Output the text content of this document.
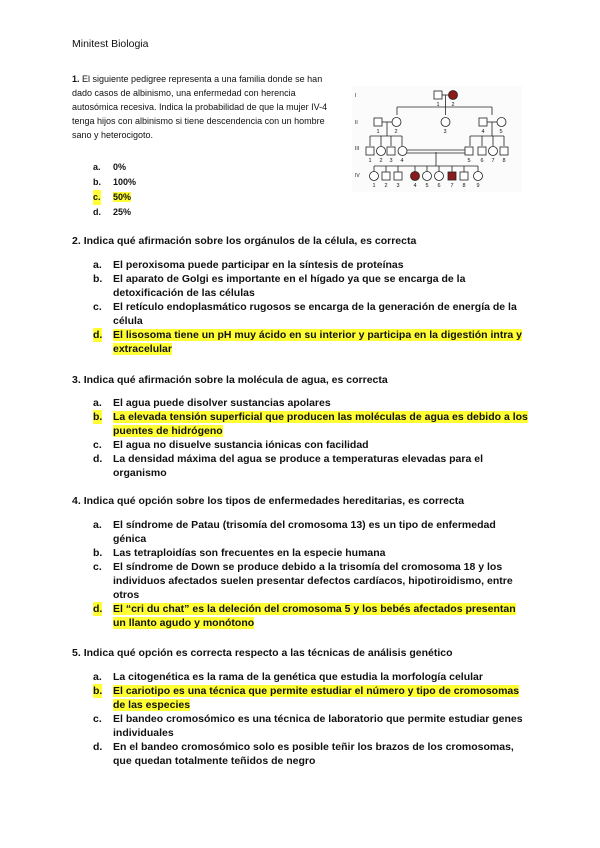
Minitest Biologia
1. El siguiente pedigree representa a una familia donde se han dado casos de albinismo, una enfermedad con herencia autosómica recesiva. Indica la probabilidad de que la mujer IV-4 tenga hijos con albinismo si tiene descendencia con un hombre sano y heterocigoto.
I
II
III
IV
1 2
1	2	3	4	5
1 2 3 4	5 6 7 8
1 2 3	4 5 6 7 8 9
a. 0%
b. 100%
c. 50%
d. 25%
2. Indica qué afirmación sobre los orgánulos de la célula, es correcta
a. El peroxisoma puede participar en la síntesis de proteínas
b. El aparato de Golgi es importante en el hígado ya que se encarga de la detoxificación de las células
c. El retículo endoplasmático rugosos se encarga de la generación de energía de la célula
d. El lisosoma tiene un pH muy ácido en su interior y participa en la digestión intra y extracelular
3. Indica qué afirmación sobre la molécula de agua, es correcta
a. El agua puede disolver sustancias apolares
b. La elevada tensión superficial que producen las moléculas de agua es debido a los puentes de hidrógeno
c. El agua no disuelve sustancia iónicas con facilidad
d. La densidad máxima del agua se produce a temperaturas elevadas para el organismo
4. Indica qué opción sobre los tipos de enfermedades hereditarias, es correcta
a. El síndrome de Patau (trisomía del cromosoma 13) es un tipo de enfermedad génica
b. Las tetraploidías son frecuentes en la especie humana
c. El síndrome de Down se produce debido a la trisomía del cromosoma 18 y los individuos afectados suelen presentar defectos cardíacos, hipotiroidismo, entre otros
d. El “cri du chat” es la deleción del cromosoma 5 y los bebés afectados presentan un llanto agudo y monótono
5. Indica qué opción es correcta respecto a las técnicas de análisis genético
a. La citogenética es la rama de la genética que estudia la morfología celular
b. El cariotipo es una técnica que permite estudiar el número y tipo de cromosomas de las especies
c. El bandeo cromosómico es una técnica de laboratorio que permite estudiar genes individuales
d. En el bandeo cromosómico solo es posible teñir los brazos de los cromosomas, que quedan totalmente teñidos de negro
